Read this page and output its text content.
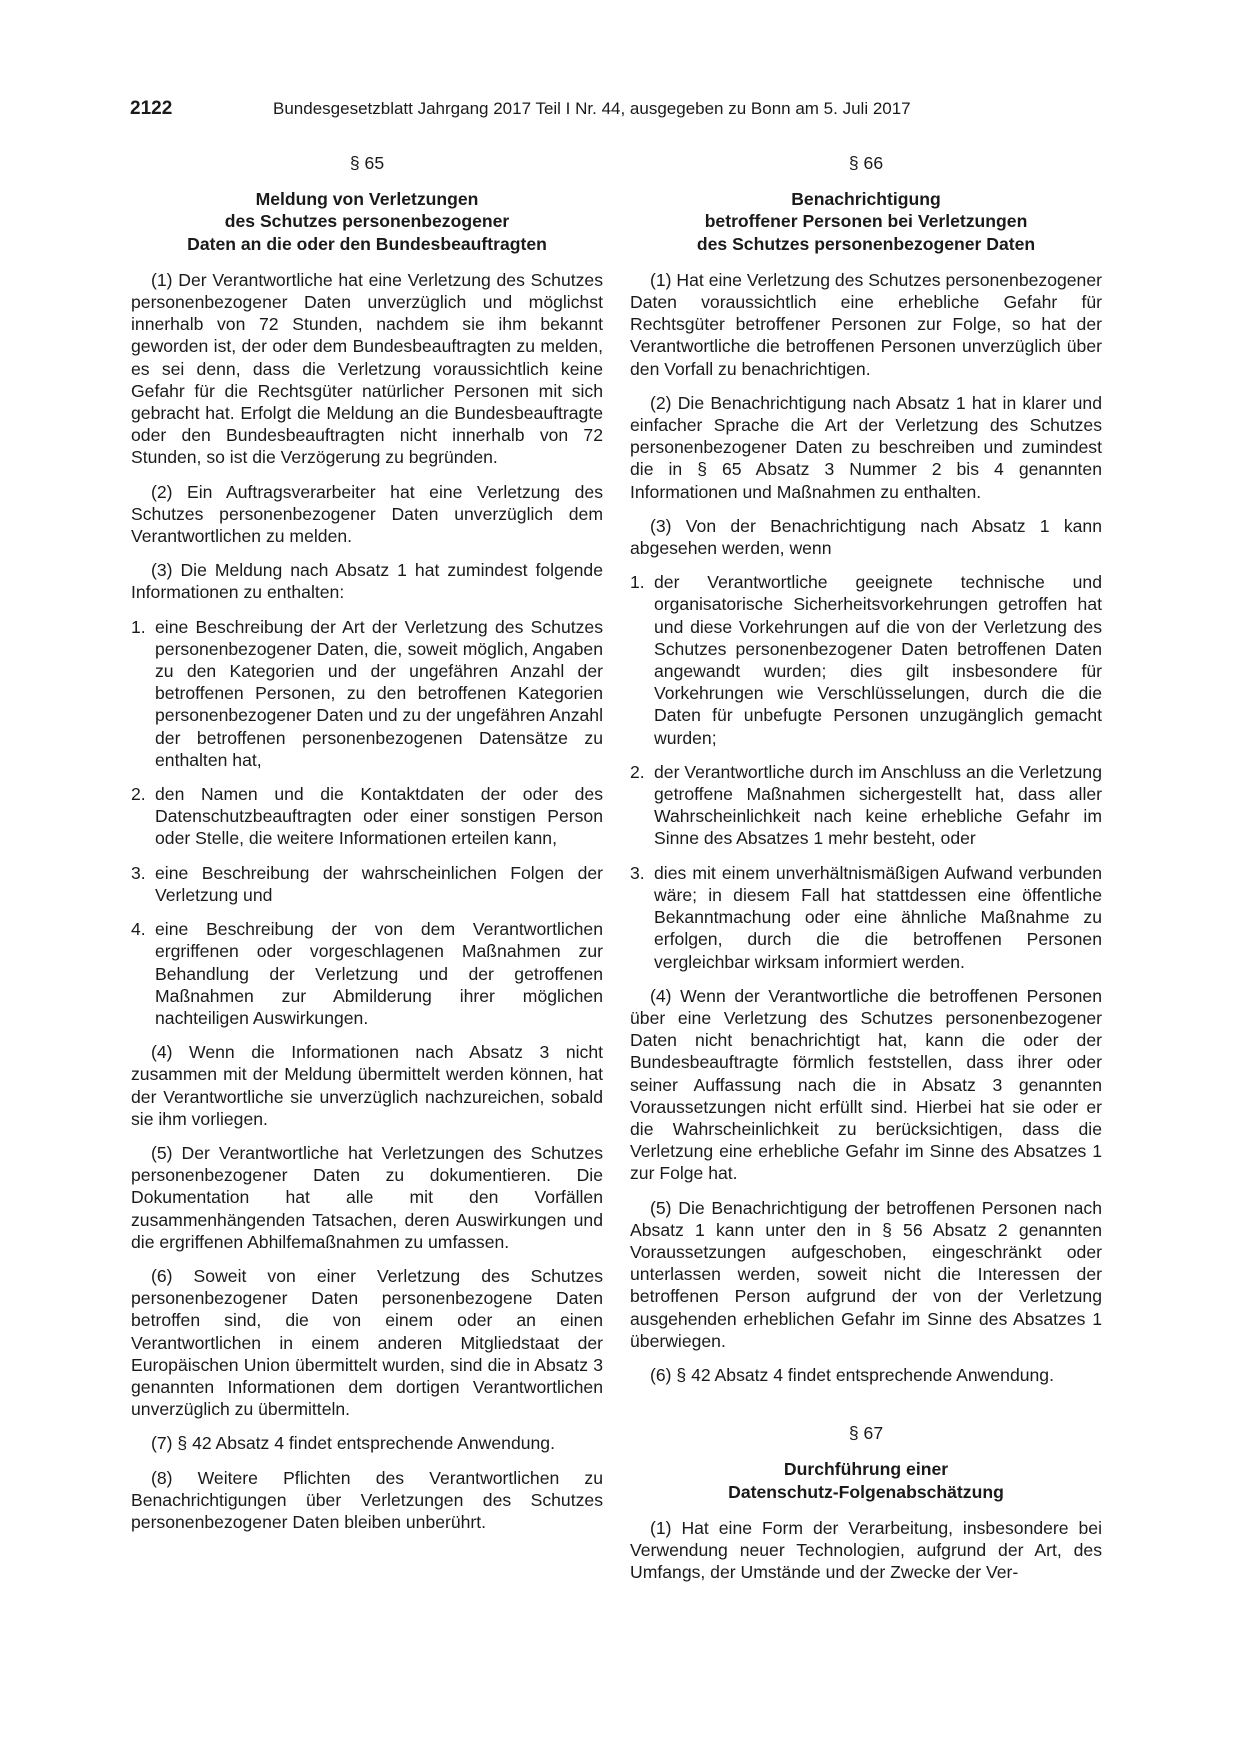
2122	Bundesgesetzblatt Jahrgang 2017 Teil I Nr. 44, ausgegeben zu Bonn am 5. Juli 2017
§ 65
Meldung von Verletzungen
des Schutzes personenbezogener
Daten an die oder den Bundesbeauftragten

(1) Der Verantwortliche hat eine Verletzung des Schutzes personenbezogener Daten unverzüglich und möglichst innerhalb von 72 Stunden, nachdem sie ihm bekannt geworden ist, der oder dem Bundesbeauftragten zu melden, es sei denn, dass die Verletzung voraussichtlich keine Gefahr für die Rechtsgüter natürlicher Personen mit sich gebracht hat. Erfolgt die Meldung an die Bundesbeauftragte oder den Bundesbeauftragten nicht innerhalb von 72 Stunden, so ist die Verzögerung zu begründen.

(2) Ein Auftragsverarbeiter hat eine Verletzung des Schutzes personenbezogener Daten unverzüglich dem Verantwortlichen zu melden.

(3) Die Meldung nach Absatz 1 hat zumindest folgende Informationen zu enthalten:

1. eine Beschreibung der Art der Verletzung des Schutzes personenbezogener Daten, die, soweit möglich, Angaben zu den Kategorien und der ungefähren Anzahl der betroffenen Personen, zu den betroffenen Kategorien personenbezogener Daten und zu der ungefähren Anzahl der betroffenen personenbezogenen Datensätze zu enthalten hat,
2. den Namen und die Kontaktdaten der oder des Datenschutzbeauftragten oder einer sonstigen Person oder Stelle, die weitere Informationen erteilen kann,
3. eine Beschreibung der wahrscheinlichen Folgen der Verletzung und
4. eine Beschreibung der von dem Verantwortlichen ergriffenen oder vorgeschlagenen Maßnahmen zur Behandlung der Verletzung und der getroffenen Maßnahmen zur Abmilderung ihrer möglichen nachteiligen Auswirkungen.

(4) Wenn die Informationen nach Absatz 3 nicht zusammen mit der Meldung übermittelt werden können, hat der Verantwortliche sie unverzüglich nachzureichen, sobald sie ihm vorliegen.

(5) Der Verantwortliche hat Verletzungen des Schutzes personenbezogener Daten zu dokumentieren. Die Dokumentation hat alle mit den Vorfällen zusammenhängenden Tatsachen, deren Auswirkungen und die ergriffenen Abhilfemaßnahmen zu umfassen.

(6) Soweit von einer Verletzung des Schutzes personenbezogener Daten personenbezogene Daten betroffen sind, die von einem oder an einen Verantwortlichen in einem anderen Mitgliedstaat der Europäischen Union übermittelt wurden, sind die in Absatz 3 genannten Informationen dem dortigen Verantwortlichen unverzüglich zu übermitteln.

(7) § 42 Absatz 4 findet entsprechende Anwendung.

(8) Weitere Pflichten des Verantwortlichen zu Benachrichtigungen über Verletzungen des Schutzes personenbezogener Daten bleiben unberührt.

§ 66
Benachrichtigung
betroffener Personen bei Verletzungen
des Schutzes personenbezogener Daten

(1) Hat eine Verletzung des Schutzes personenbezogener Daten voraussichtlich eine erhebliche Gefahr für Rechtsgüter betroffener Personen zur Folge, so hat der Verantwortliche die betroffenen Personen unverzüglich über den Vorfall zu benachrichtigen.

(2) Die Benachrichtigung nach Absatz 1 hat in klarer und einfacher Sprache die Art der Verletzung des Schutzes personenbezogener Daten zu beschreiben und zumindest die in § 65 Absatz 3 Nummer 2 bis 4 genannten Informationen und Maßnahmen zu enthalten.

(3) Von der Benachrichtigung nach Absatz 1 kann abgesehen werden, wenn

1. der Verantwortliche geeignete technische und organisatorische Sicherheitsvorkehrungen getroffen hat und diese Vorkehrungen auf die von der Verletzung des Schutzes personenbezogener Daten betroffenen Daten angewandt wurden; dies gilt insbesondere für Vorkehrungen wie Verschlüsselungen, durch die die Daten für unbefugte Personen unzugänglich gemacht wurden;
2. der Verantwortliche durch im Anschluss an die Verletzung getroffene Maßnahmen sichergestellt hat, dass aller Wahrscheinlichkeit nach keine erhebliche Gefahr im Sinne des Absatzes 1 mehr besteht, oder
3. dies mit einem unverhältnismäßigen Aufwand verbunden wäre; in diesem Fall hat stattdessen eine öffentliche Bekanntmachung oder eine ähnliche Maßnahme zu erfolgen, durch die die betroffenen Personen vergleichbar wirksam informiert werden.

(4) Wenn der Verantwortliche die betroffenen Personen über eine Verletzung des Schutzes personenbezogener Daten nicht benachrichtigt hat, kann die oder der Bundesbeauftragte förmlich feststellen, dass ihrer oder seiner Auffassung nach die in Absatz 3 genannten Voraussetzungen nicht erfüllt sind. Hierbei hat sie oder er die Wahrscheinlichkeit zu berücksichtigen, dass die Verletzung eine erhebliche Gefahr im Sinne des Absatzes 1 zur Folge hat.

(5) Die Benachrichtigung der betroffenen Personen nach Absatz 1 kann unter den in § 56 Absatz 2 genannten Voraussetzungen aufgeschoben, eingeschränkt oder unterlassen werden, soweit nicht die Interessen der betroffenen Person aufgrund der von der Verletzung ausgehenden erheblichen Gefahr im Sinne des Absatzes 1 überwiegen.

(6) § 42 Absatz 4 findet entsprechende Anwendung.

§ 67
Durchführung einer
Datenschutz-Folgenabschätzung

(1) Hat eine Form der Verarbeitung, insbesondere bei Verwendung neuer Technologien, aufgrund der Art, des Umfangs, der Umstände und der Zwecke der Ver-
